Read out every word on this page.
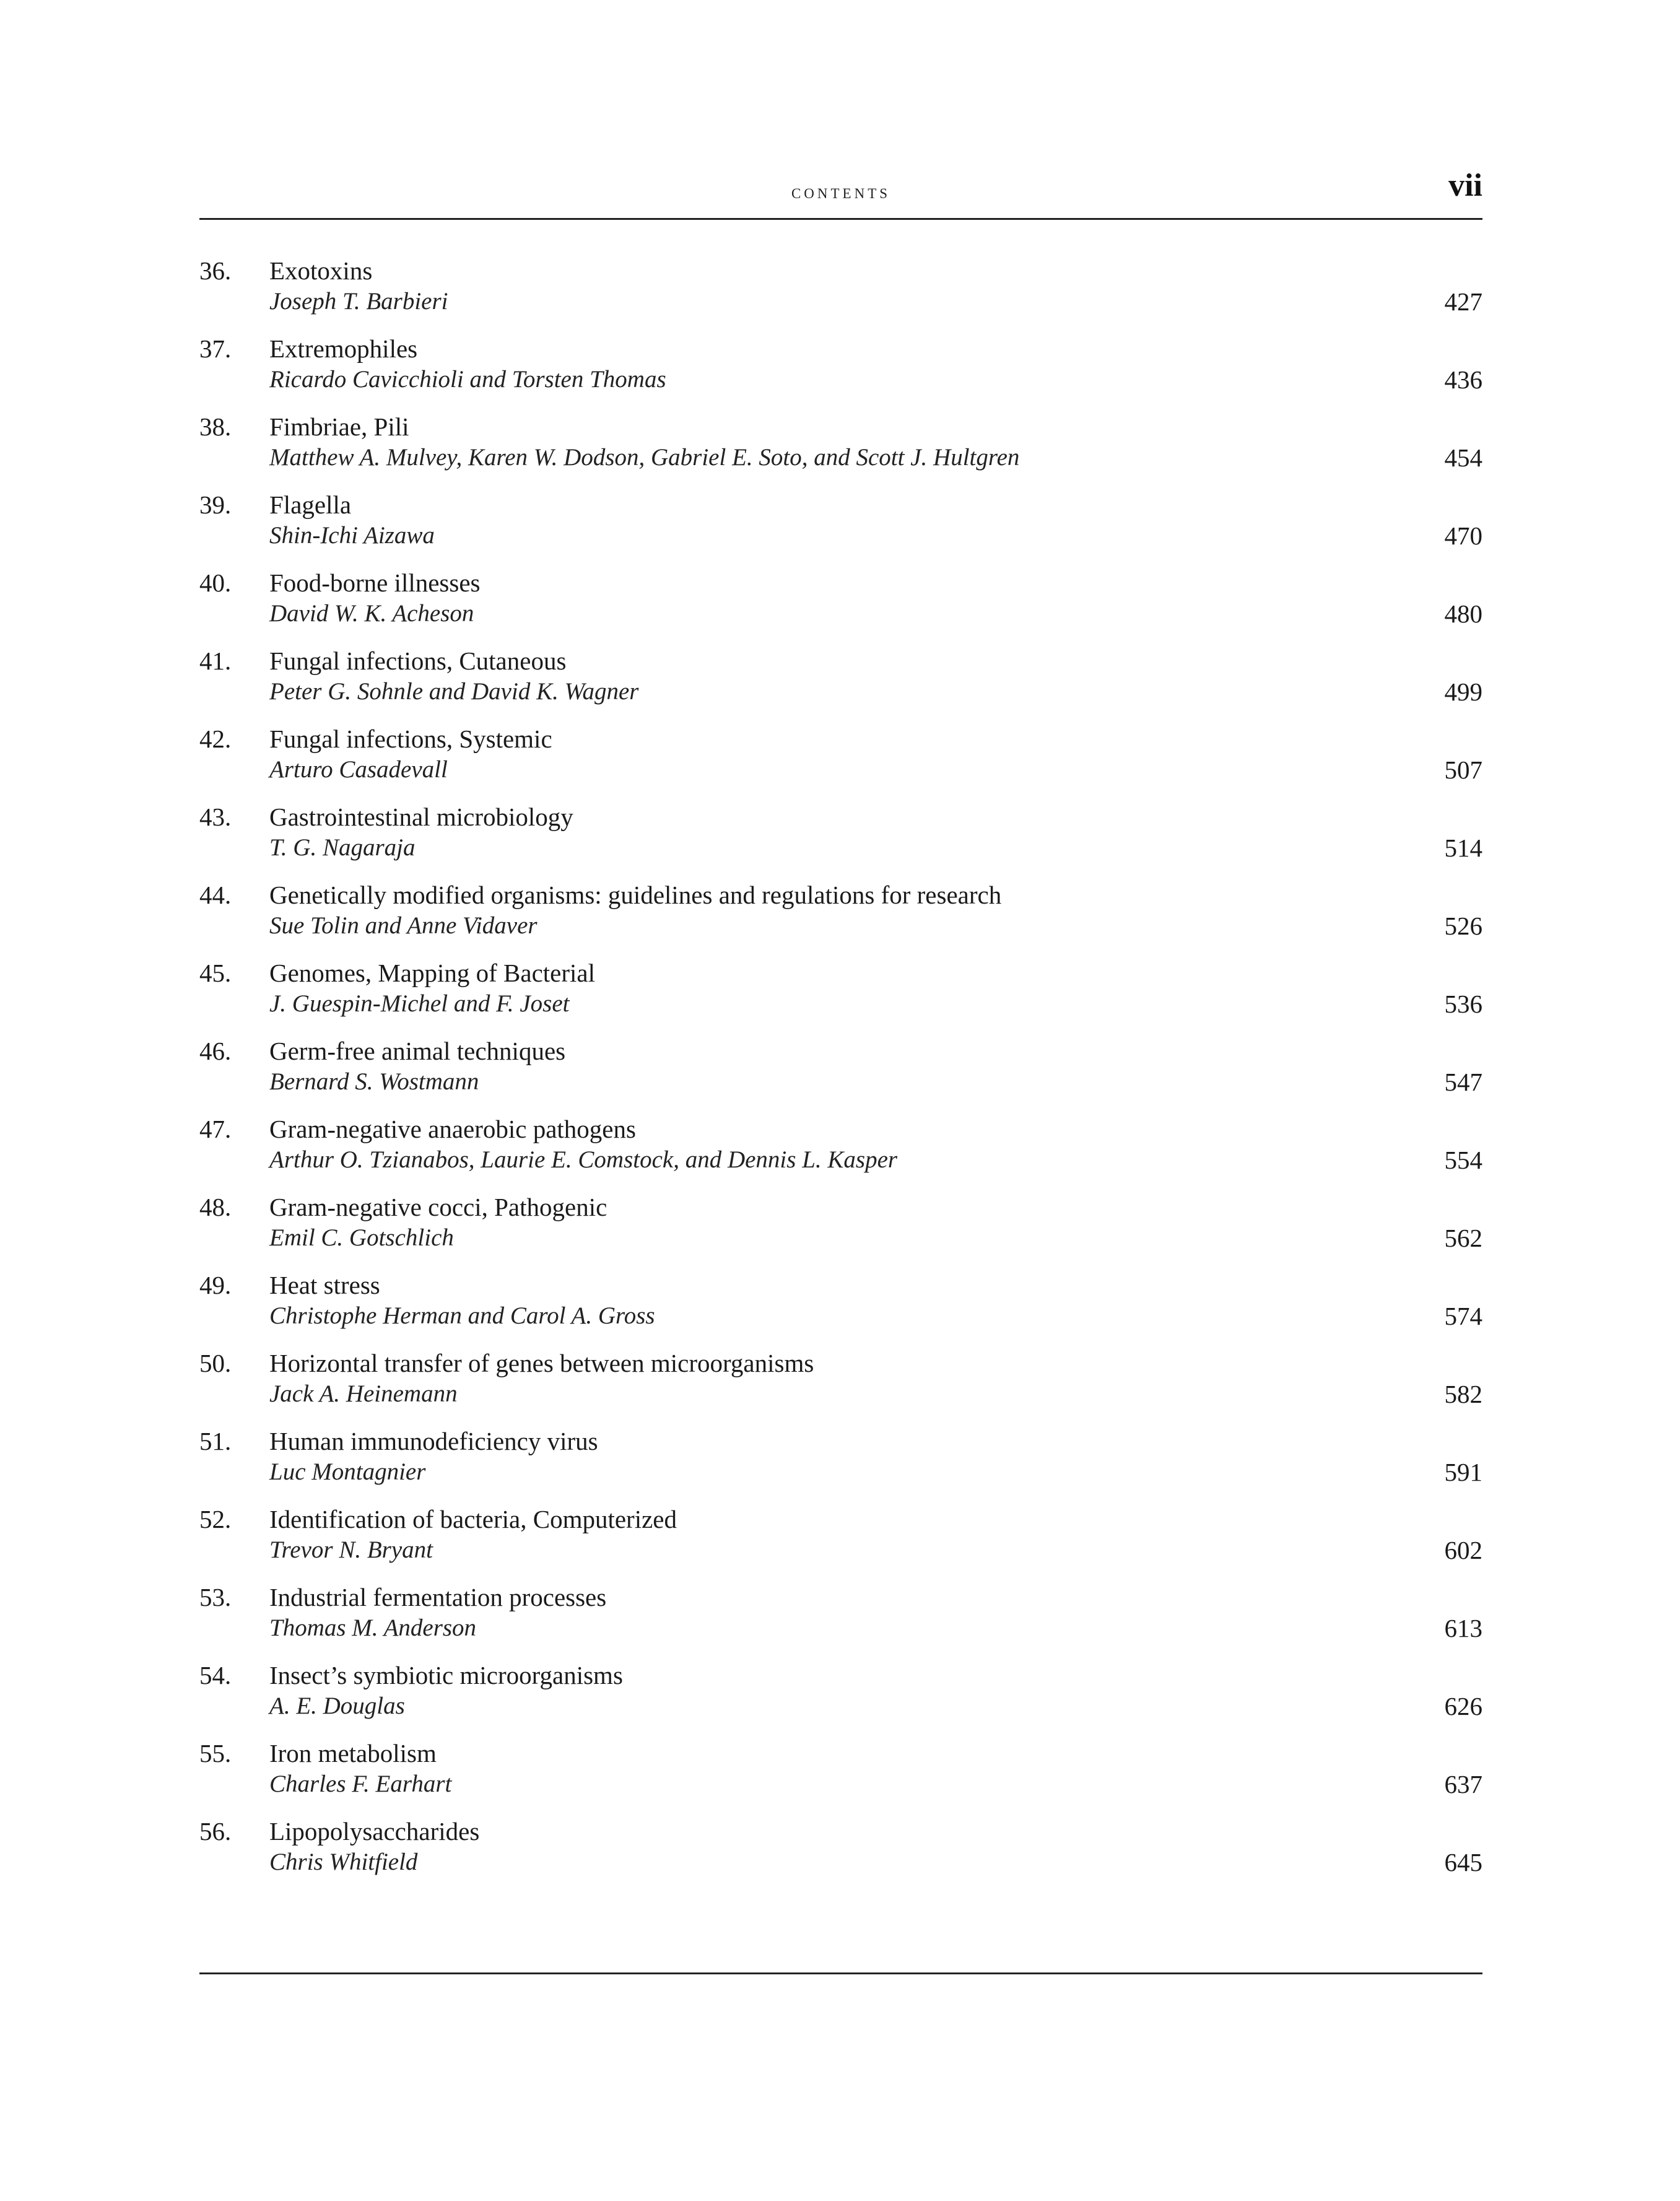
contents	vii
36. Exotoxins
Joseph T. Barbieri	427
37. Extremophiles
Ricardo Cavicchioli and Torsten Thomas	436
38. Fimbriae, Pili
Matthew A. Mulvey, Karen W. Dodson, Gabriel E. Soto, and Scott J. Hultgren	454
39. Flagella
Shin-Ichi Aizawa	470
40. Food-borne illnesses
David W. K. Acheson	480
41. Fungal infections, Cutaneous
Peter G. Sohnle and David K. Wagner	499
42. Fungal infections, Systemic
Arturo Casadevall	507
43. Gastrointestinal microbiology
T. G. Nagaraja	514
44. Genetically modified organisms: guidelines and regulations for research
Sue Tolin and Anne Vidaver	526
45. Genomes, Mapping of Bacterial
J. Guespin-Michel and F. Joset	536
46. Germ-free animal techniques
Bernard S. Wostmann	547
47. Gram-negative anaerobic pathogens
Arthur O. Tzianabos, Laurie E. Comstock, and Dennis L. Kasper	554
48. Gram-negative cocci, Pathogenic
Emil C. Gotschlich	562
49. Heat stress
Christophe Herman and Carol A. Gross	574
50. Horizontal transfer of genes between microorganisms
Jack A. Heinemann	582
51. Human immunodeficiency virus
Luc Montagnier	591
52. Identification of bacteria, Computerized
Trevor N. Bryant	602
53. Industrial fermentation processes
Thomas M. Anderson	613
54. Insect’s symbiotic microorganisms
A. E. Douglas	626
55. Iron metabolism
Charles F. Earhart	637
56. Lipopolysaccharides
Chris Whitfield	645
